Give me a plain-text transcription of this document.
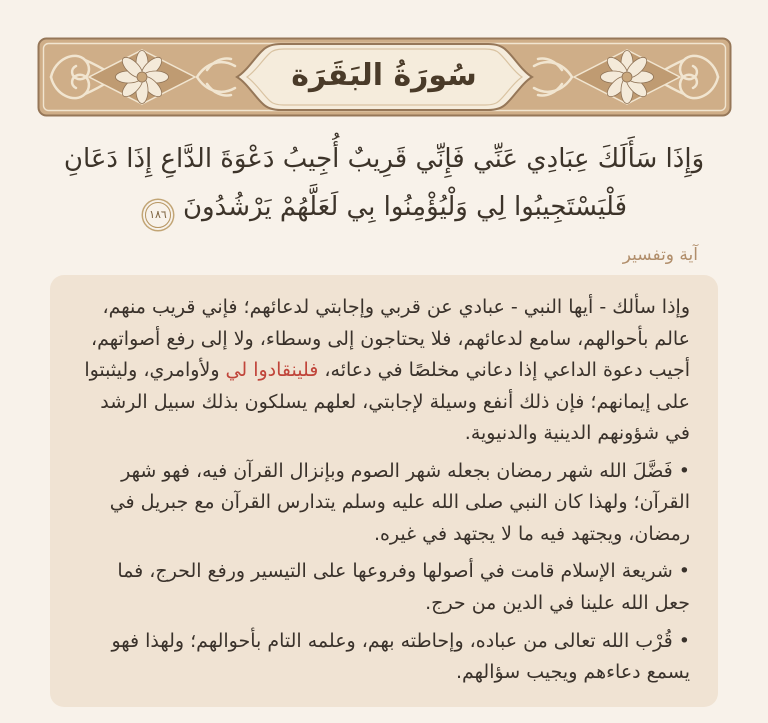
سُورَةُ البَقَرَة
وَإِذَا سَأَلَكَ عِبَادِي عَنِّي فَإِنِّي قَرِيبٌ أُجِيبُ دَعْوَةَ الدَّاعِ إِذَا دَعَانِ فَلْيَسْتَجِيبُوا لِي وَلْيُؤْمِنُوا بِي لَعَلَّهُمْ يَرْشُدُونَ
١٨٦
آية وتفسير

وإذا سألك - أيها النبي - عبادي عن قربي وإجابتي لدعائهم؛ فإني قريب منهم، عالم بأحوالهم، سامع لدعائهم، فلا يحتاجون إلى وسطاء، ولا إلى رفع أصواتهم، أجيب دعوة الداعي إذا دعاني مخلصًا في دعائه، فلينقادوا لي ولأوامري، وليثبتوا على إيمانهم؛ فإن ذلك أنفع وسيلة لإجابتي، لعلهم يسلكون بذلك سبيل الرشد في شؤونهم الدينية والدنيوية.

• فَضَّلَ الله شهر رمضان بجعله شهر الصوم وبإنزال القرآن فيه، فهو شهر القرآن؛ ولهذا كان النبي صلى الله عليه وسلم يتدارس القرآن مع جبريل في رمضان، ويجتهد فيه ما لا يجتهد في غيره.

• شريعة الإسلام قامت في أصولها وفروعها على التيسير ورفع الحرج، فما جعل الله علينا في الدين من حرج.

• قُرْب الله تعالى من عباده، وإحاطته بهم، وعلمه التام بأحوالهم؛ ولهذا فهو يسمع دعاءهم ويجيب سؤالهم.
